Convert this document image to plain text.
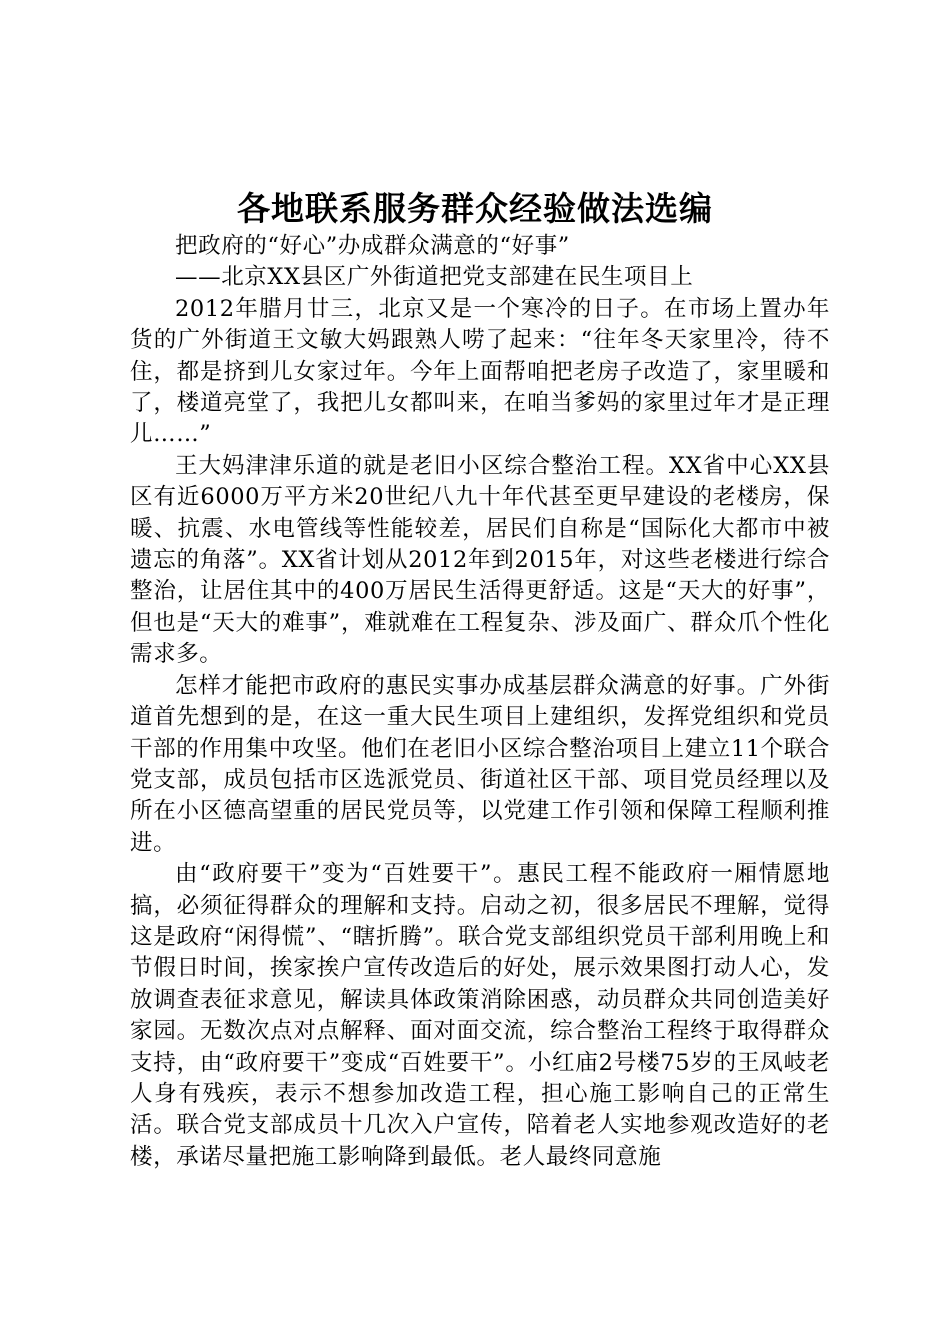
各地联系服务群众经验做法选编

把政府的“好心”办成群众满意的“好事”

——北京XX县区广外街道把党支部建在民生项目上

2012年腊月廿三，北京又是一个寒冷的日子。在市场上置办年货的广外街道王文敏大妈跟熟人唠了起来：“往年冬天家里冷，待不住，都是挤到儿女家过年。今年上面帮咱把老房子改造了，家里暖和了，楼道亮堂了，我把儿女都叫来，在咱当爹妈的家里过年才是正理儿……”

王大妈津津乐道的就是老旧小区综合整治工程。XX省中心XX县区有近6000万平方米20世纪八九十年代甚至更早建设的老楼房，保暖、抗震、水电管线等性能较差，居民们自称是“国际化大都市中被遗忘的角落”。XX省计划从2012年到2015年，对这些老楼进行综合整治，让居住其中的400万居民生活得更舒适。这是“天大的好事”，但也是“天大的难事”，难就难在工程复杂、涉及面广、群众爪个性化需求多。

怎样才能把市政府的惠民实事办成基层群众满意的好事。广外街道首先想到的是，在这一重大民生项目上建组织，发挥党组织和党员干部的作用集中攻坚。他们在老旧小区综合整治项目上建立11个联合党支部，成员包括市区选派党员、街道社区干部、项目党员经理以及所在小区德高望重的居民党员等，以党建工作引领和保障工程顺利推进。

由“政府要干”变为“百姓要干”。惠民工程不能政府一厢情愿地搞，必须征得群众的理解和支持。启动之初，很多居民不理解，觉得这是政府“闲得慌”、“瞎折腾”。联合党支部组织党员干部利用晚上和节假日时间，挨家挨户宣传改造后的好处，展示效果图打动人心，发放调查表征求意见，解读具体政策消除困惑，动员群众共同创造美好家园。无数次点对点解释、面对面交流，综合整治工程终于取得群众支持，由“政府要干”变成“百姓要干”。小红庙2号楼75岁的王凤岐老人身有残疾，表示不想参加改造工程，担心施工影响自己的正常生活。联合党支部成员十几次入户宣传，陪着老人实地参观改造好的老楼，承诺尽量把施工影响降到最低。老人最终同意施
